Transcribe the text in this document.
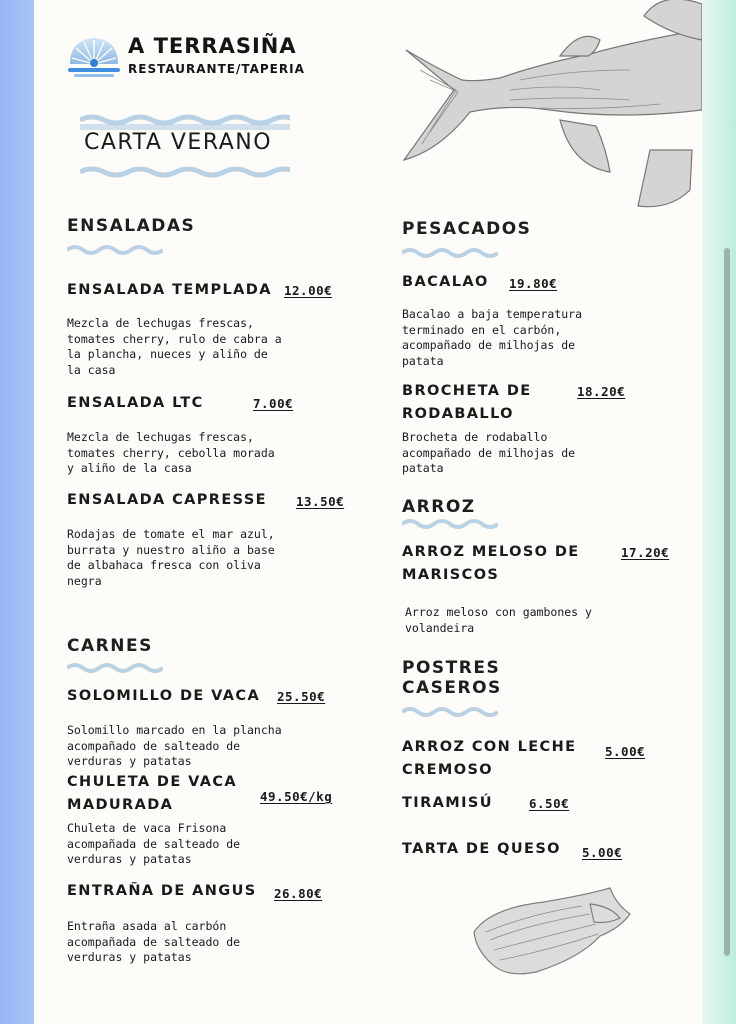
A TERRASIÑA
RESTAURANTE/TAPERIA
CARTA VERANO
ENSALADAS
ENSALADA TEMPLADA 12.00€
Mezcla de lechugas frescas,
tomates cherry, rulo de cabra a
la plancha, nueces y aliño de
la casa
ENSALADA LTC	7.00€
Mezcla de lechugas frescas,
tomates cherry, cebolla morada
y aliño de la casa
ENSALADA CAPRESSE 13.50€
Rodajas de tomate el mar azul,
burrata y nuestro aliño a base
de albahaca fresca con oliva
negra
CARNES
SOLOMILLO DE VACA 25.50€
Solomillo marcado en la plancha
acompañado de salteado de
verduras y patatas
CHULETA DE VACA
MADURADA
49.50€/kg
Chuleta de vaca Frisona
acompañada de salteado de
verduras y patatas
ENTRAÑA DE ANGUS 26.80€
Entraña asada al carbón
acompañada de salteado de
verduras y patatas
PESACADOS
BACALAO 19.80€
Bacalao a baja temperatura
terminado en el carbón,
acompañado de milhojas de
patata
BROCHETA DE
RODABALLO
18.20€
Brocheta de rodaballo
acompañado de milhojas de
patata
ARROZ
ARROZ MELOSO DE
MARISCOS
17.20€
Arroz meloso con gambones y
volandeira
POSTRES
CASEROS
ARROZ CON LECHE
CREMOSO
5.00€
TIRAMISÚ	6.50€
TARTA DE QUESO 5.00€
